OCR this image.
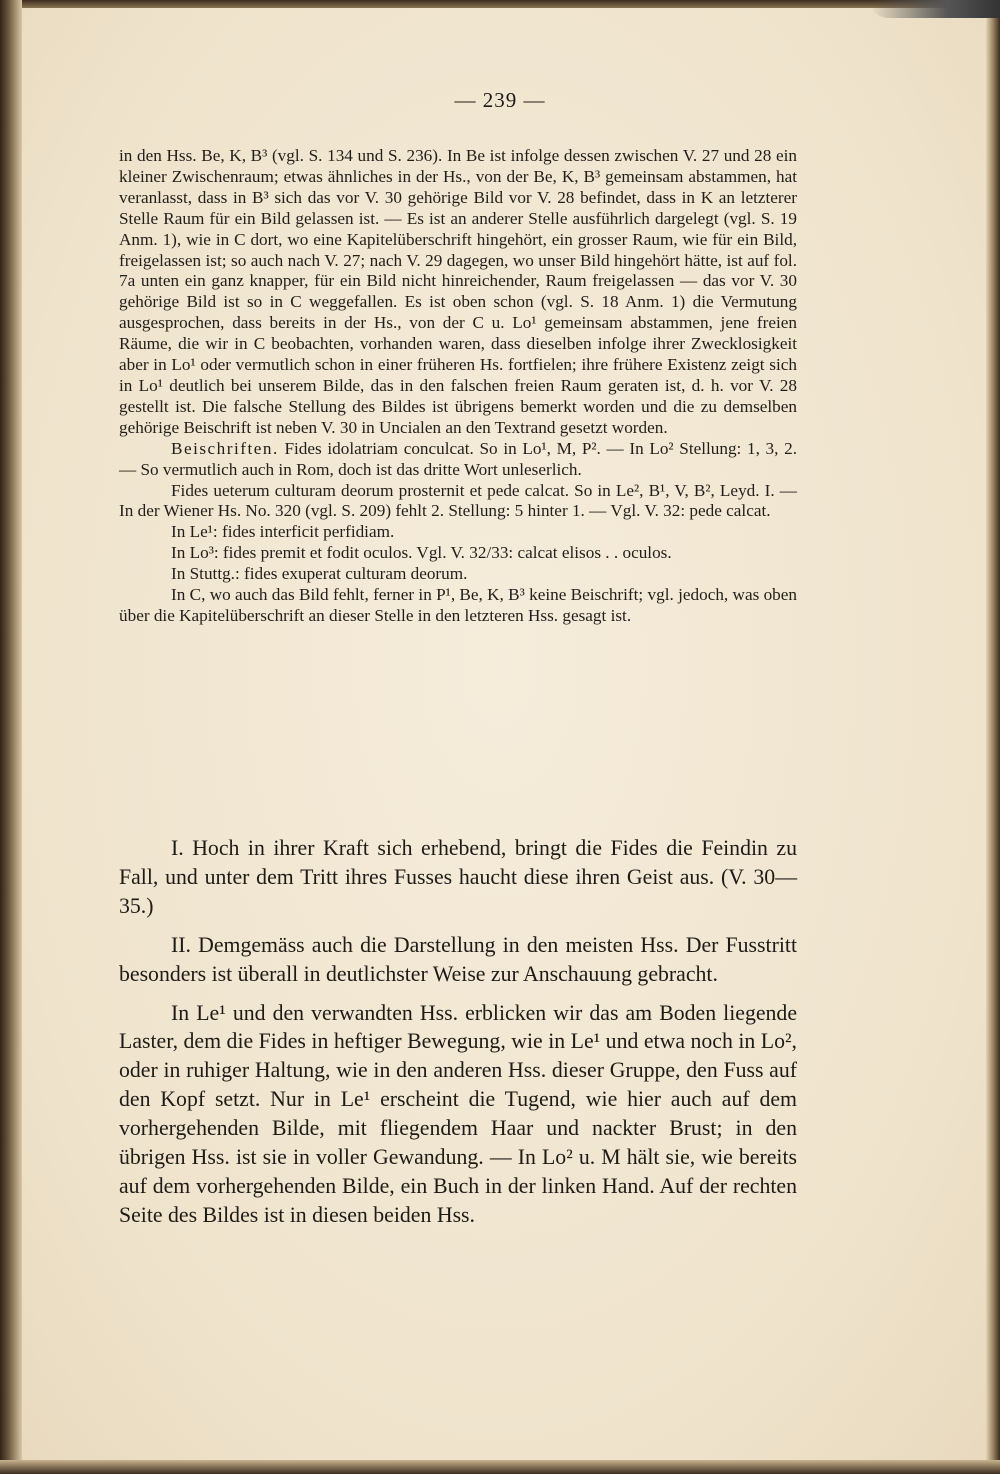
— 239 —

in den Hss. Be, K, B³ (vgl. S. 134 und S. 236). In Be ist infolge dessen zwischen V. 27 und 28 ein kleiner Zwischenraum; etwas ähnliches in der Hs., von der Be, K, B³ gemeinsam abstammen, hat veranlasst, dass in B³ sich das vor V. 30 gehörige Bild vor V. 28 befindet, dass in K an letzterer Stelle Raum für ein Bild gelassen ist. — Es ist an anderer Stelle ausführlich dargelegt (vgl. S. 19 Anm. 1), wie in C dort, wo eine Kapitelüberschrift hingehört, ein grosser Raum, wie für ein Bild, freigelassen ist; so auch nach V. 27; nach V. 29 dagegen, wo unser Bild hingehört hätte, ist auf fol. 7a unten ein ganz knapper, für ein Bild nicht hinreichender, Raum freigelassen — das vor V. 30 gehörige Bild ist so in C weggefallen. Es ist oben schon (vgl. S. 18 Anm. 1) die Vermutung ausgesprochen, dass bereits in der Hs., von der C u. Lo¹ gemeinsam abstammen, jene freien Räume, die wir in C beobachten, vorhanden waren, dass dieselben infolge ihrer Zwecklosigkeit aber in Lo¹ oder vermutlich schon in einer früheren Hs. fortfielen; ihre frühere Existenz zeigt sich in Lo¹ deutlich bei unserem Bilde, das in den falschen freien Raum geraten ist, d. h. vor V. 28 gestellt ist. Die falsche Stellung des Bildes ist übrigens bemerkt worden und die zu demselben gehörige Beischrift ist neben V. 30 in Uncialen an den Textrand gesetzt worden.

Beischriften. Fides idolatriam conculcat. So in Lo¹, M, P². — In Lo² Stellung: 1, 3, 2. — So vermutlich auch in Rom, doch ist das dritte Wort unleserlich.

Fides ueterum culturam deorum prosternit et pede calcat. So in Le², B¹, V, B², Leyd. I. — In der Wiener Hs. No. 320 (vgl. S. 209) fehlt 2. Stellung: 5 hinter 1. — Vgl. V. 32: pede calcat.

In Le¹: fides interficit perfidiam.

In Lo³: fides premit et fodit oculos. Vgl. V. 32/33: calcat elisos . . oculos.

In Stuttg.: fides exuperat culturam deorum.

In C, wo auch das Bild fehlt, ferner in P¹, Be, K, B³ keine Beischrift; vgl. jedoch, was oben über die Kapitelüberschrift an dieser Stelle in den letzteren Hss. gesagt ist.

I. Hoch in ihrer Kraft sich erhebend, bringt die Fides die Feindin zu Fall, und unter dem Tritt ihres Fusses haucht diese ihren Geist aus. (V. 30—35.)

II. Demgemäss auch die Darstellung in den meisten Hss. Der Fusstritt besonders ist überall in deutlichster Weise zur Anschauung gebracht.

In Le¹ und den verwandten Hss. erblicken wir das am Boden liegende Laster, dem die Fides in heftiger Bewegung, wie in Le¹ und etwa noch in Lo², oder in ruhiger Haltung, wie in den anderen Hss. dieser Gruppe, den Fuss auf den Kopf setzt. Nur in Le¹ erscheint die Tugend, wie hier auch auf dem vorhergehenden Bilde, mit fliegendem Haar und nackter Brust; in den übrigen Hss. ist sie in voller Gewandung. — In Lo² u. M hält sie, wie bereits auf dem vorhergehenden Bilde, ein Buch in der linken Hand. Auf der rechten Seite des Bildes ist in diesen beiden Hss.
